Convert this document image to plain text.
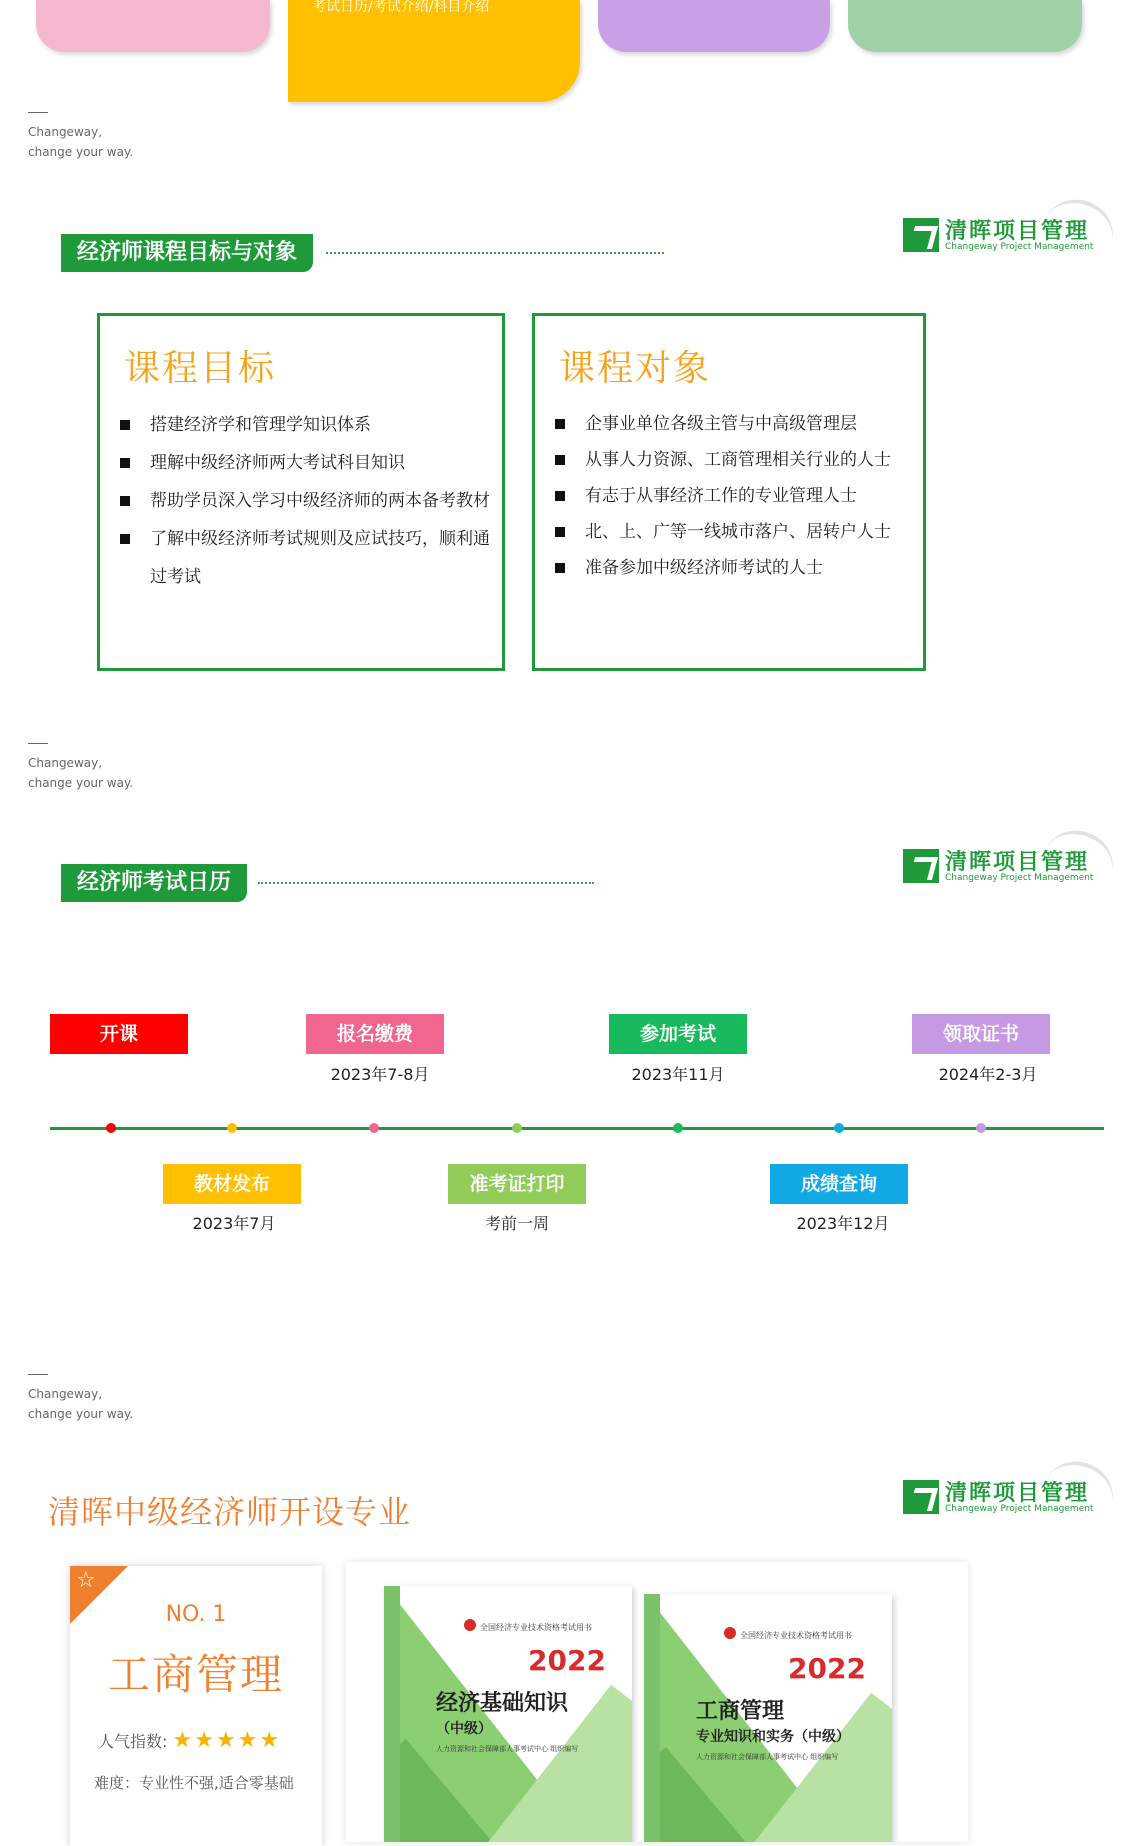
考试日历/考试介绍/科目介绍
Changeway,
change your way.
经济师课程目标与对象
清晖项目管理
Changeway Project Management
课程目标
搭建经济学和管理学知识体系
理解中级经济师两大考试科目知识
帮助学员深入学习中级经济师的两本备考教材
了解中级经济师考试规则及应试技巧，顺利通过考试
课程对象
企事业单位各级主管与中高级管理层
从事人力资源、工商管理相关行业的人士
有志于从事经济工作的专业管理人士
北、上、广等一线城市落户、居转户人士
准备参加中级经济师考试的人士
Changeway,
change your way.
经济师考试日历
清晖项目管理
Changeway Project Management
开课	报名缴费
2023年7-8月
参加考试
2023年11月
领取证书
2024年2-3月
教材发布
2023年7月
准考证打印
考前一周
成绩查询
2023年12月
Changeway,
change your way.
清晖中级经济师开设专业	清晖项目管理
Changeway Project Management
☆
NO. 1
工商管理
人气指数: ★★★★★
难度：专业性不强,适合零基础
全国经济专业技术资格考试用书
2022
经济基础知识
（中级）
人力资源和社会保障部人事考试中心 组织编写
全国经济专业技术资格考试用书
2022
工商管理
专业知识和实务（中级）
人力资源和社会保障部人事考试中心 组织编写
